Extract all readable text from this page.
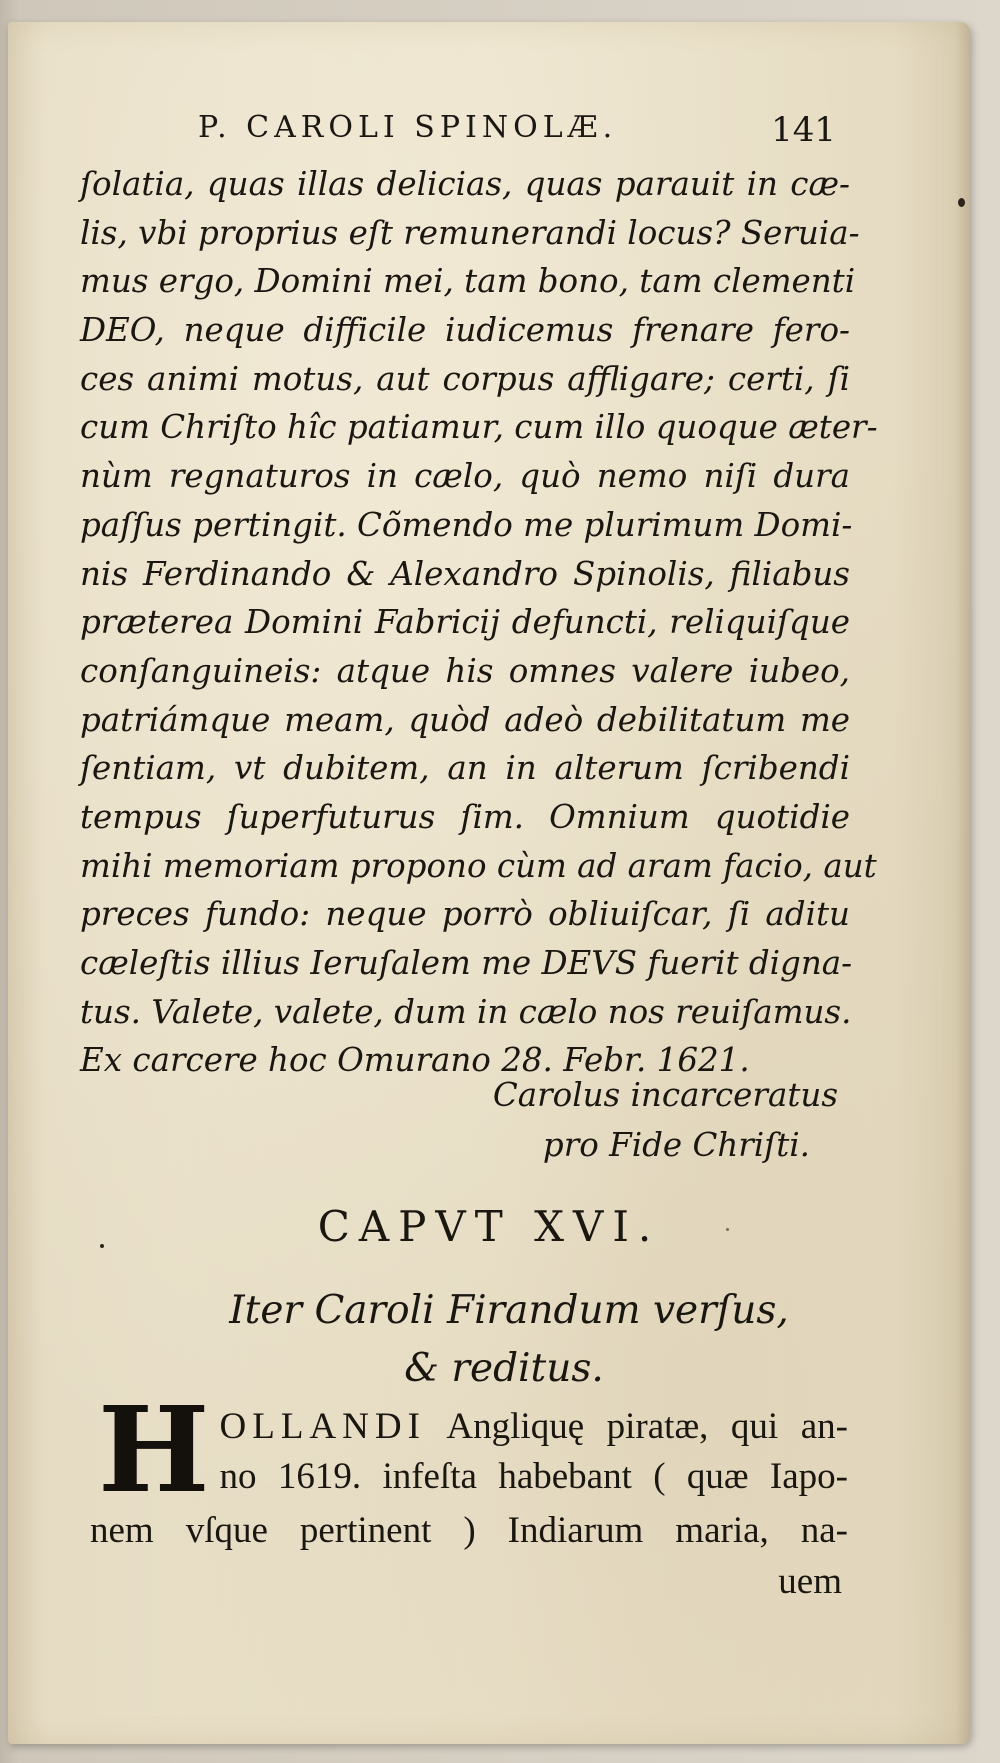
P. CAROLI SPINOLÆ.	141
ſolatia, quas illas delicias, quas parauit in cæ-
lis, vbi proprius eſt remunerandi locus? Seruia-
mus ergo, Domini mei, tam bono, tam clementi
DEO, neque difficile iudicemus frenare fero-
ces animi motus, aut corpus affligare; certi, ſi
cum Chriſto hîc patiamur, cum illo quoque æter-
nùm regnaturos in cælo, quò nemo niſi dura
paſſus pertingit. Cõmendo me plurimum Domi-
nis Ferdinando & Alexandro Spinolis, filiabus
præterea Domini Fabricij defuncti, reliquiſque
conſanguineis: atque his omnes valere iubeo,
patriámque meam, quòd adeò debilitatum me
ſentiam, vt dubitem, an in alterum ſcribendi
tempus ſuperfuturus ſim. Omnium quotidie
mihi memoriam propono cùm ad aram facio, aut
preces fundo: neque porrò obliuiſcar, ſi aditu
cæleſtis illius Ieruſalem me DEVS fuerit digna-
tus. Valete, valete, dum in cælo nos reuiſamus.
Ex carcere hoc Omurano 28. Febr. 1621.
Carolus incarceratus
pro Fide Chriſti.
CAPVT XVI.
Iter Caroli Firandum verſus,
& reditus.
H OLLANDI Angliquę piratæ, qui an-
no 1619. infeſta habebant ( quæ Iapo-
nem vſque pertinent ) Indiarum maria, na-
uem
